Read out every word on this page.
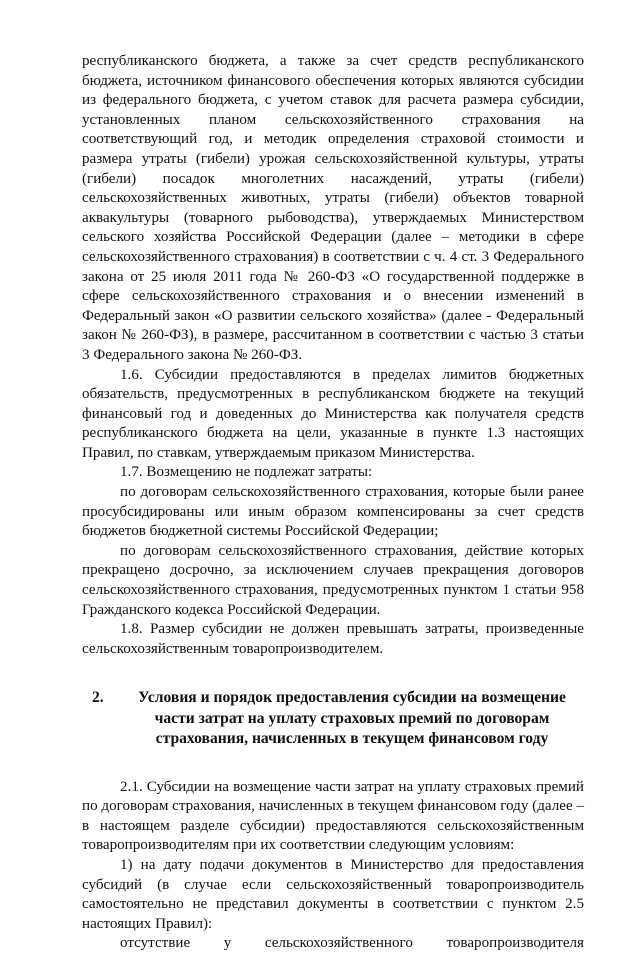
республиканского бюджета, а также за счет средств республиканского бюджета, источником финансового обеспечения которых являются субсидии из федерального бюджета, с учетом ставок для расчета размера субсидии, установленных планом сельскохозяйственного страхования на соответствующий год, и методик определения страховой стоимости и размера утраты (гибели) урожая сельскохозяйственной культуры, утраты (гибели) посадок многолетних насаждений, утраты (гибели) сельскохозяйственных животных, утраты (гибели) объектов товарной аквакультуры (товарного рыбоводства), утверждаемых Министерством сельского хозяйства Российской Федерации (далее – методики в сфере сельскохозяйственного страхования) в соответствии с ч. 4 ст. 3 Федерального закона от 25 июля 2011 года № 260-ФЗ «О государственной поддержке в сфере сельскохозяйственного страхования и о внесении изменений в Федеральный закон «О развитии сельского хозяйства» (далее - Федеральный закон № 260-ФЗ), в размере, рассчитанном в соответствии с частью 3 статьи 3 Федерального закона № 260-ФЗ.

1.6. Субсидии предоставляются в пределах лимитов бюджетных обязательств, предусмотренных в республиканском бюджете на текущий финансовый год и доведенных до Министерства как получателя средств республиканского бюджета на цели, указанные в пункте 1.3 настоящих Правил, по ставкам, утверждаемым приказом Министерства.

1.7. Возмещению не подлежат затраты:

по договорам сельскохозяйственного страхования, которые были ранее просубсидированы или иным образом компенсированы за счет средств бюджетов бюджетной системы Российской Федерации;

по договорам сельскохозяйственного страхования, действие которых прекращено досрочно, за исключением случаев прекращения договоров сельскохозяйственного страхования, предусмотренных пунктом 1 статьи 958 Гражданского кодекса Российской Федерации.

1.8. Размер субсидии не должен превышать затраты, произведенные сельскохозяйственным товаропроизводителем.

2.	Условия и порядок предоставления субсидии на возмещение части затрат на уплату страховых премий по договорам страхования, начисленных в текущем финансовом году

2.1. Субсидии на возмещение части затрат на уплату страховых премий по договорам страхования, начисленных в текущем финансовом году (далее – в настоящем разделе субсидии) предоставляются сельскохозяйственным товаропроизводителям при их соответствии следующим условиям:

1) на дату подачи документов в Министерство для предоставления субсидий (в случае если сельскохозяйственный товаропроизводитель самостоятельно не представил документы в соответствии с пунктом 2.5 настоящих Правил):

отсутствие у сельскохозяйственного товаропроизводителя
